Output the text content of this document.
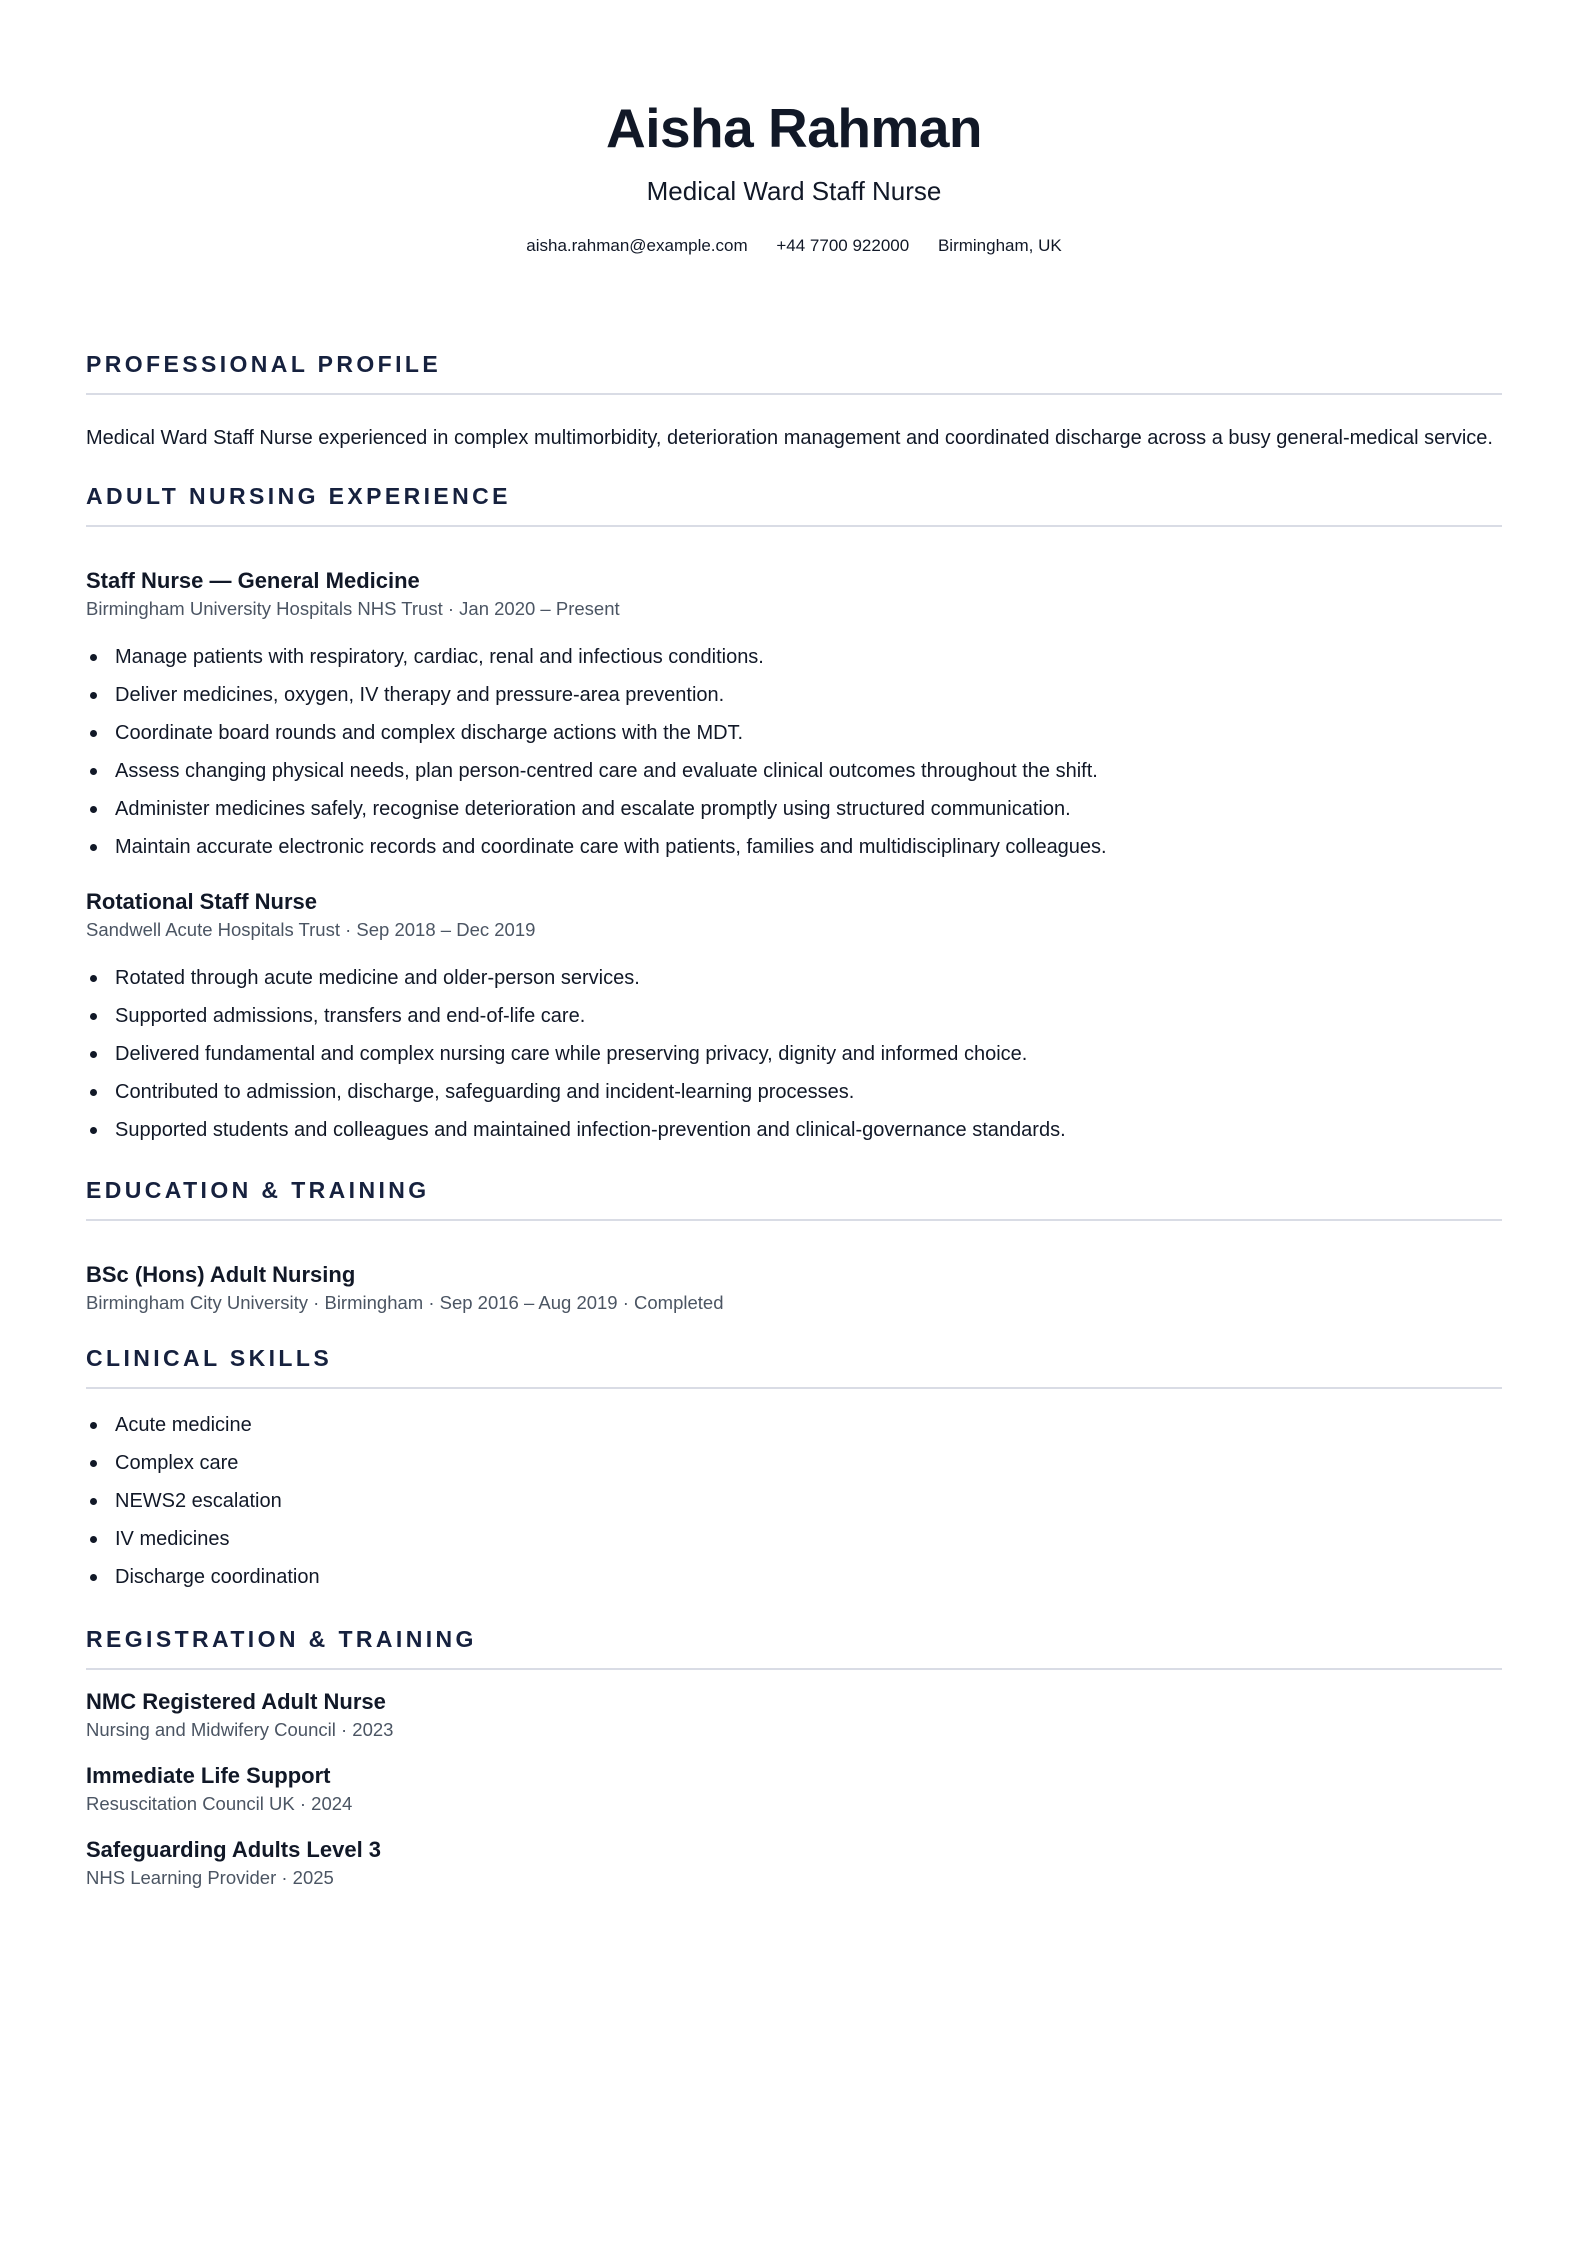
Aisha Rahman
Medical Ward Staff Nurse
aisha.rahman@example.com +44 7700 922000 Birmingham, UK
PROFESSIONAL PROFILE
Medical Ward Staff Nurse experienced in complex multimorbidity, deterioration management and coordinated discharge across a busy general-medical service.
ADULT NURSING EXPERIENCE
Staff Nurse — General Medicine
Birmingham University Hospitals NHS Trust · Jan 2020 – Present
Manage patients with respiratory, cardiac, renal and infectious conditions.
Deliver medicines, oxygen, IV therapy and pressure-area prevention.
Coordinate board rounds and complex discharge actions with the MDT.
Assess changing physical needs, plan person-centred care and evaluate clinical outcomes throughout the shift.
Administer medicines safely, recognise deterioration and escalate promptly using structured communication.
Maintain accurate electronic records and coordinate care with patients, families and multidisciplinary colleagues.
Rotational Staff Nurse
Sandwell Acute Hospitals Trust · Sep 2018 – Dec 2019
Rotated through acute medicine and older-person services.
Supported admissions, transfers and end-of-life care.
Delivered fundamental and complex nursing care while preserving privacy, dignity and informed choice.
Contributed to admission, discharge, safeguarding and incident-learning processes.
Supported students and colleagues and maintained infection-prevention and clinical-governance standards.
EDUCATION & TRAINING
BSc (Hons) Adult Nursing
Birmingham City University · Birmingham · Sep 2016 – Aug 2019 · Completed
CLINICAL SKILLS
Acute medicine
Complex care
NEWS2 escalation
IV medicines
Discharge coordination
REGISTRATION & TRAINING
NMC Registered Adult Nurse
Nursing and Midwifery Council · 2023
Immediate Life Support
Resuscitation Council UK · 2024
Safeguarding Adults Level 3
NHS Learning Provider · 2025
